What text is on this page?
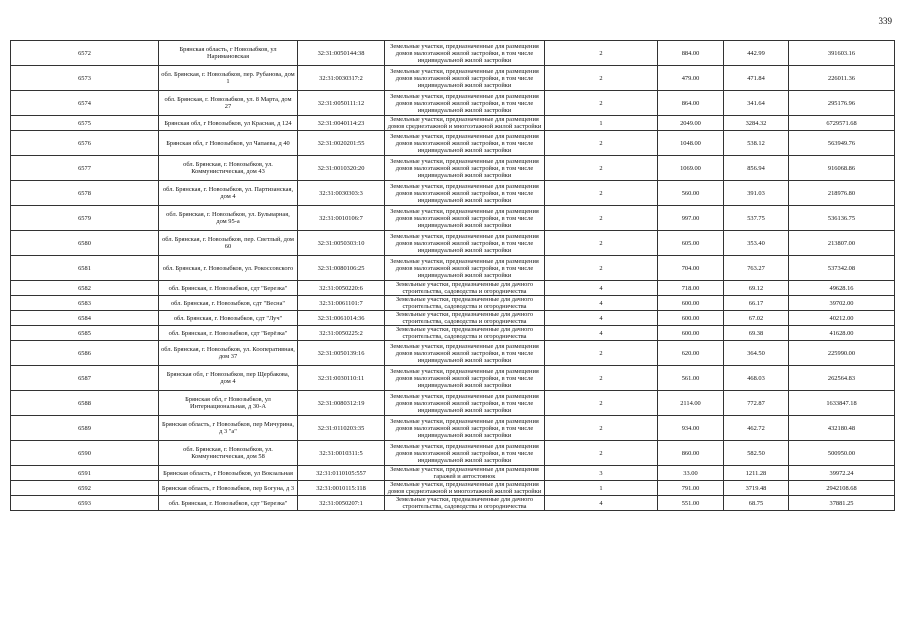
339
6572	Брянская область, г Новозыбков, ул Наримановская	32:31:0050144:38	Земельные участки, предназначенные для размещения домов малоэтажной жилой застройки, в том числе индивидуальной жилой застройки	2	884.00	442.99	391603.16
6573	обл. Брянская, г. Новозыбков, пер. Рубанова, дом 1	32:31:0030317:2	Земельные участки, предназначенные для размещения домов малоэтажной жилой застройки, в том числе индивидуальной жилой застройки	2	479.00	471.84	226011.36
6574	обл. Брянская, г. Новозыбков, ул. 8 Марта, дом 27	32:31:0050111:12	Земельные участки, предназначенные для размещения домов малоэтажной жилой застройки, в том числе индивидуальной жилой застройки	2	864.00	341.64	295176.96
6575	Брянская обл, г Новозыбков, ул Красная, д 124	32:31:0040114:23	Земельные участки, предназначенные для размещения домов среднеэтажной и многоэтажной жилой застройки	1	2049.00	3284.32	6729571.68
6576	Брянская обл, г Новозыбков, ул Чапаева, д 40	32:31:0020201:55	Земельные участки, предназначенные для размещения домов малоэтажной жилой застройки, в том числе индивидуальной жилой застройки	2	1048.00	538.12	563949.76
6577	обл. Брянская, г. Новозыбков, ул. Коммунистическая, дом 43	32:31:0010320:20	Земельные участки, предназначенные для размещения домов малоэтажной жилой застройки, в том числе индивидуальной жилой застройки	2	1069.00	856.94	916068.86
6578	обл. Брянская, г. Новозыбков, ул. Партизанская, дом 4	32:31:0030303:3	Земельные участки, предназначенные для размещения домов малоэтажной жилой застройки, в том числе индивидуальной жилой застройки	2	560.00	391.03	218976.80
6579	обл. Брянская, г. Новозыбков, ул. Бульварная, дом 95-а	32:31:0010106:7	Земельные участки, предназначенные для размещения домов малоэтажной жилой застройки, в том числе индивидуальной жилой застройки	2	997.00	537.75	536136.75
6580	обл. Брянская, г. Новозыбков, пер. Светлый, дом 60	32:31:0050303:10	Земельные участки, предназначенные для размещения домов малоэтажной жилой застройки, в том числе индивидуальной жилой застройки	2	605.00	353.40	213807.00
6581	обл. Брянская, г. Новозыбков, ул. Рокоссовского	32:31:0080106:25	Земельные участки, предназначенные для размещения домов малоэтажной жилой застройки, в том числе индивидуальной жилой застройки	2	704.00	763.27	537342.08
6582	обл. Брянская, г. Новозыбков, сдт "Березка"	32:31:0050220:6	Земельные участки, предназначенные для дачного строительства, садоводства и огородничества	4	718.00	69.12	49628.16
6583	обл. Брянская, г. Новозыбков, сдт "Весна"	32:31:0061101:7	Земельные участки, предназначенные для дачного строительства, садоводства и огородничества	4	600.00	66.17	39702.00
6584	обл. Брянская, г. Новозыбков, сдт "Луч"	32:31:0061014:36	Земельные участки, предназначенные для дачного строительства, садоводства и огородничества	4	600.00	67.02	40212.00
6585	обл. Брянская, г. Новозыбков, сдт "Берёзка"	32:31:0050225:2	Земельные участки, предназначенные для дачного строительства, садоводства и огородничества	4	600.00	69.38	41628.00
6586	обл. Брянская, г. Новозыбков, ул. Кооперативная, дом 37	32:31:0050139:16	Земельные участки, предназначенные для размещения домов малоэтажной жилой застройки, в том числе индивидуальной жилой застройки	2	620.00	364.50	225990.00
6587	Брянская обл, г Новозыбков, пер Щербакова, дом 4	32:31:0030110:11	Земельные участки, предназначенные для размещения домов малоэтажной жилой застройки, в том числе индивидуальной жилой застройки	2	561.00	468.03	262564.83
6588	Брянская обл, г Новозыбков, ул Интернациональная, д 30-А	32:31:0080312:19	Земельные участки, предназначенные для размещения домов малоэтажной жилой застройки, в том числе индивидуальной жилой застройки	2	2114.00	772.87	1633847.18
6589	Брянская область, г Новозыбков, пер Мичурина, д 3 "а"	32:31:0110203:35	Земельные участки, предназначенные для размещения домов малоэтажной жилой застройки, в том числе индивидуальной жилой застройки	2	934.00	462.72	432180.48
6590	обл. Брянская, г. Новозыбков, ул. Коммунистическая, дом 58	32:31:0010311:5	Земельные участки, предназначенные для размещения домов малоэтажной жилой застройки, в том числе индивидуальной жилой застройки	2	860.00	582.50	500950.00
6591	Брянская область, г Новозыбков, ул Вокзальная	32:31:0110105:557	Земельные участки, предназначенные для размещения гаражей и автостоянок	3	33.00	1211.28	39972.24
6592	Брянская область, г Новозыбков, пер Богуна, д 3	32:31:0010115:118	Земельные участки, предназначенные для размещения домов среднеэтажной и многоэтажной жилой застройки	1	791.00	3719.48	2942108.68
6593	обл. Брянская, г. Новозыбков, сдт "Березка"	32:31:0050207:1	Земельные участки, предназначенные для дачного строительства, садоводства и огородничества	4	551.00	68.75	37881.25
